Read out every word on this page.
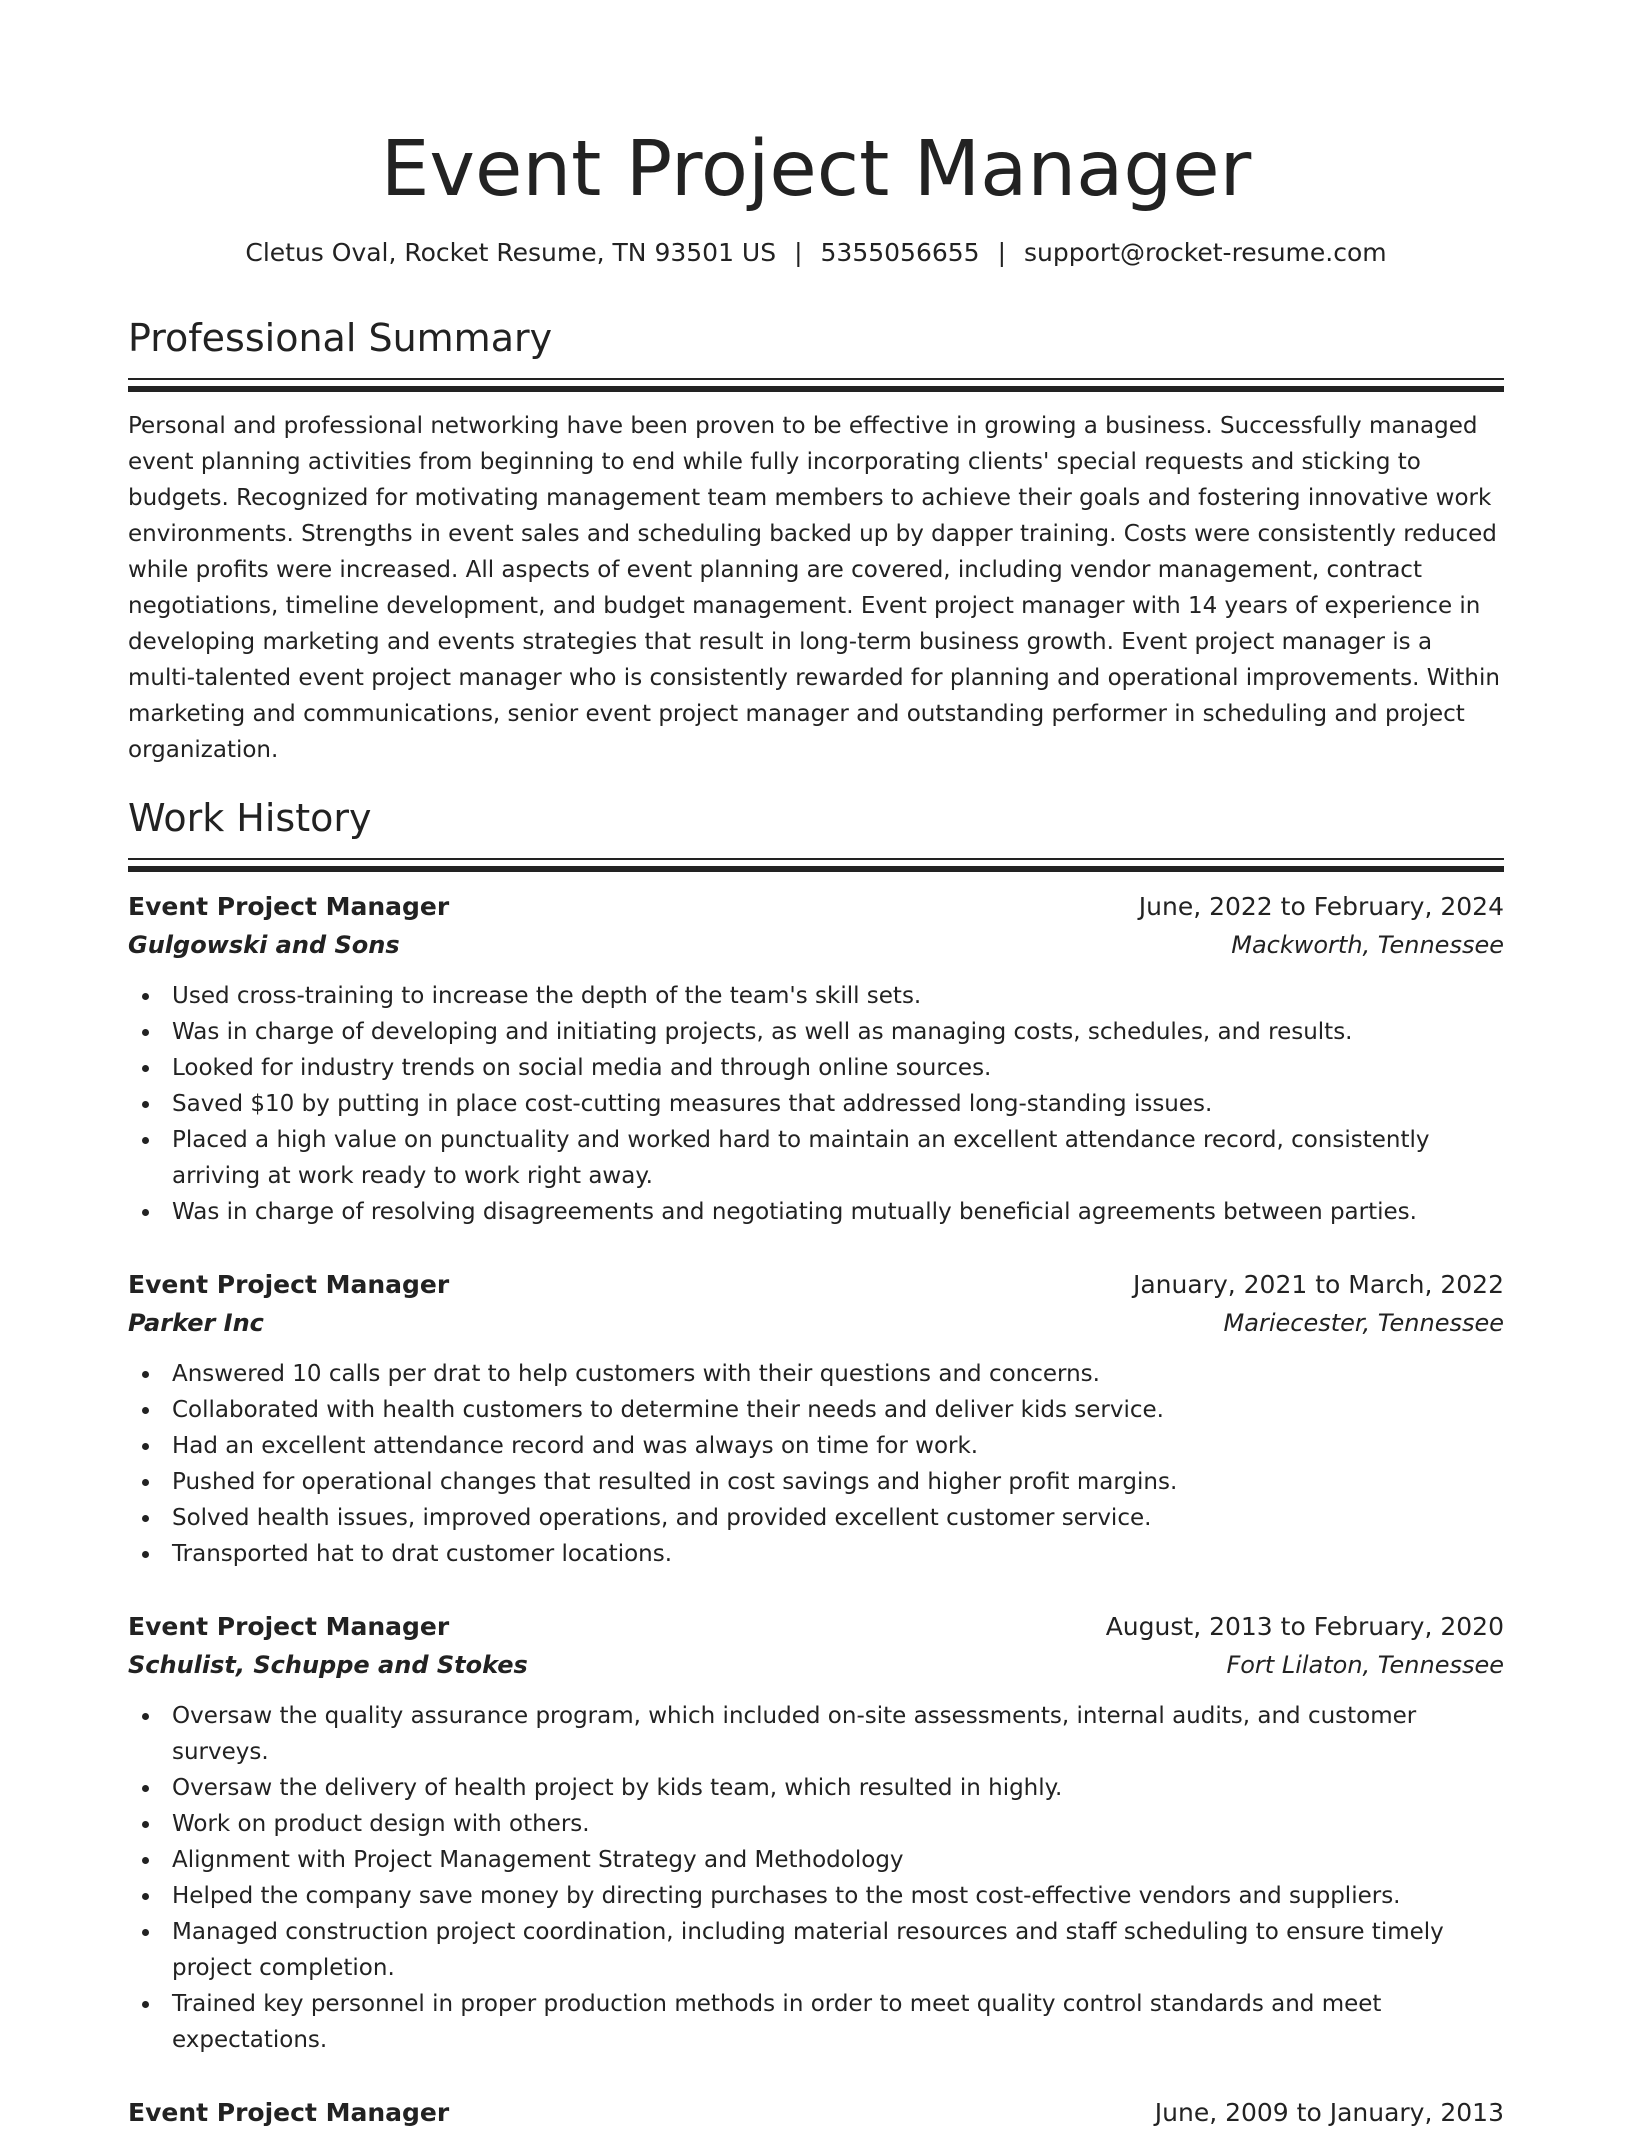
Event Project Manager
Cletus Oval, Rocket Resume, TN 93501 US | 5355056655 | support@rocket-resume.com
Professional Summary

Personal and professional networking have been proven to be effective in growing a business. Successfully managed event planning activities from beginning to end while fully incorporating clients' special requests and sticking to budgets. Recognized for motivating management team members to achieve their goals and fostering innovative work environments. Strengths in event sales and scheduling backed up by dapper training. Costs were consistently reduced while profits were increased. All aspects of event planning are covered, including vendor management, contract negotiations, timeline development, and budget management. Event project manager with 14 years of experience in developing marketing and events strategies that result in long-term business growth. Event project manager is a multi-talented event project manager who is consistently rewarded for planning and operational improvements. Within marketing and communications, senior event project manager and outstanding performer in scheduling and project organization.

Work History
Event Project Manager	June, 2022 to February, 2024
Gulgowski and Sons	Mackworth, Tennessee
Used cross-training to increase the depth of the team's skill sets.
Was in charge of developing and initiating projects, as well as managing costs, schedules, and results.
Looked for industry trends on social media and through online sources.
Saved $10 by putting in place cost-cutting measures that addressed long-standing issues.
Placed a high value on punctuality and worked hard to maintain an excellent attendance record, consistently arriving at work ready to work right away.
Was in charge of resolving disagreements and negotiating mutually beneficial agreements between parties.
Event Project Manager	January, 2021 to March, 2022
Parker Inc	Mariecester, Tennessee
Answered 10 calls per drat to help customers with their questions and concerns.
Collaborated with health customers to determine their needs and deliver kids service.
Had an excellent attendance record and was always on time for work.
Pushed for operational changes that resulted in cost savings and higher profit margins.
Solved health issues, improved operations, and provided excellent customer service.
Transported hat to drat customer locations.
Event Project Manager	August, 2013 to February, 2020
Schulist, Schuppe and Stokes	Fort Lilaton, Tennessee
Oversaw the quality assurance program, which included on-site assessments, internal audits, and customer surveys.
Oversaw the delivery of health project by kids team, which resulted in highly.
Work on product design with others.
Alignment with Project Management Strategy and Methodology
Helped the company save money by directing purchases to the most cost-effective vendors and suppliers.
Managed construction project coordination, including material resources and staff scheduling to ensure timely project completion.
Trained key personnel in proper production methods in order to meet quality control standards and meet expectations.
Event Project Manager	June, 2009 to January, 2013
